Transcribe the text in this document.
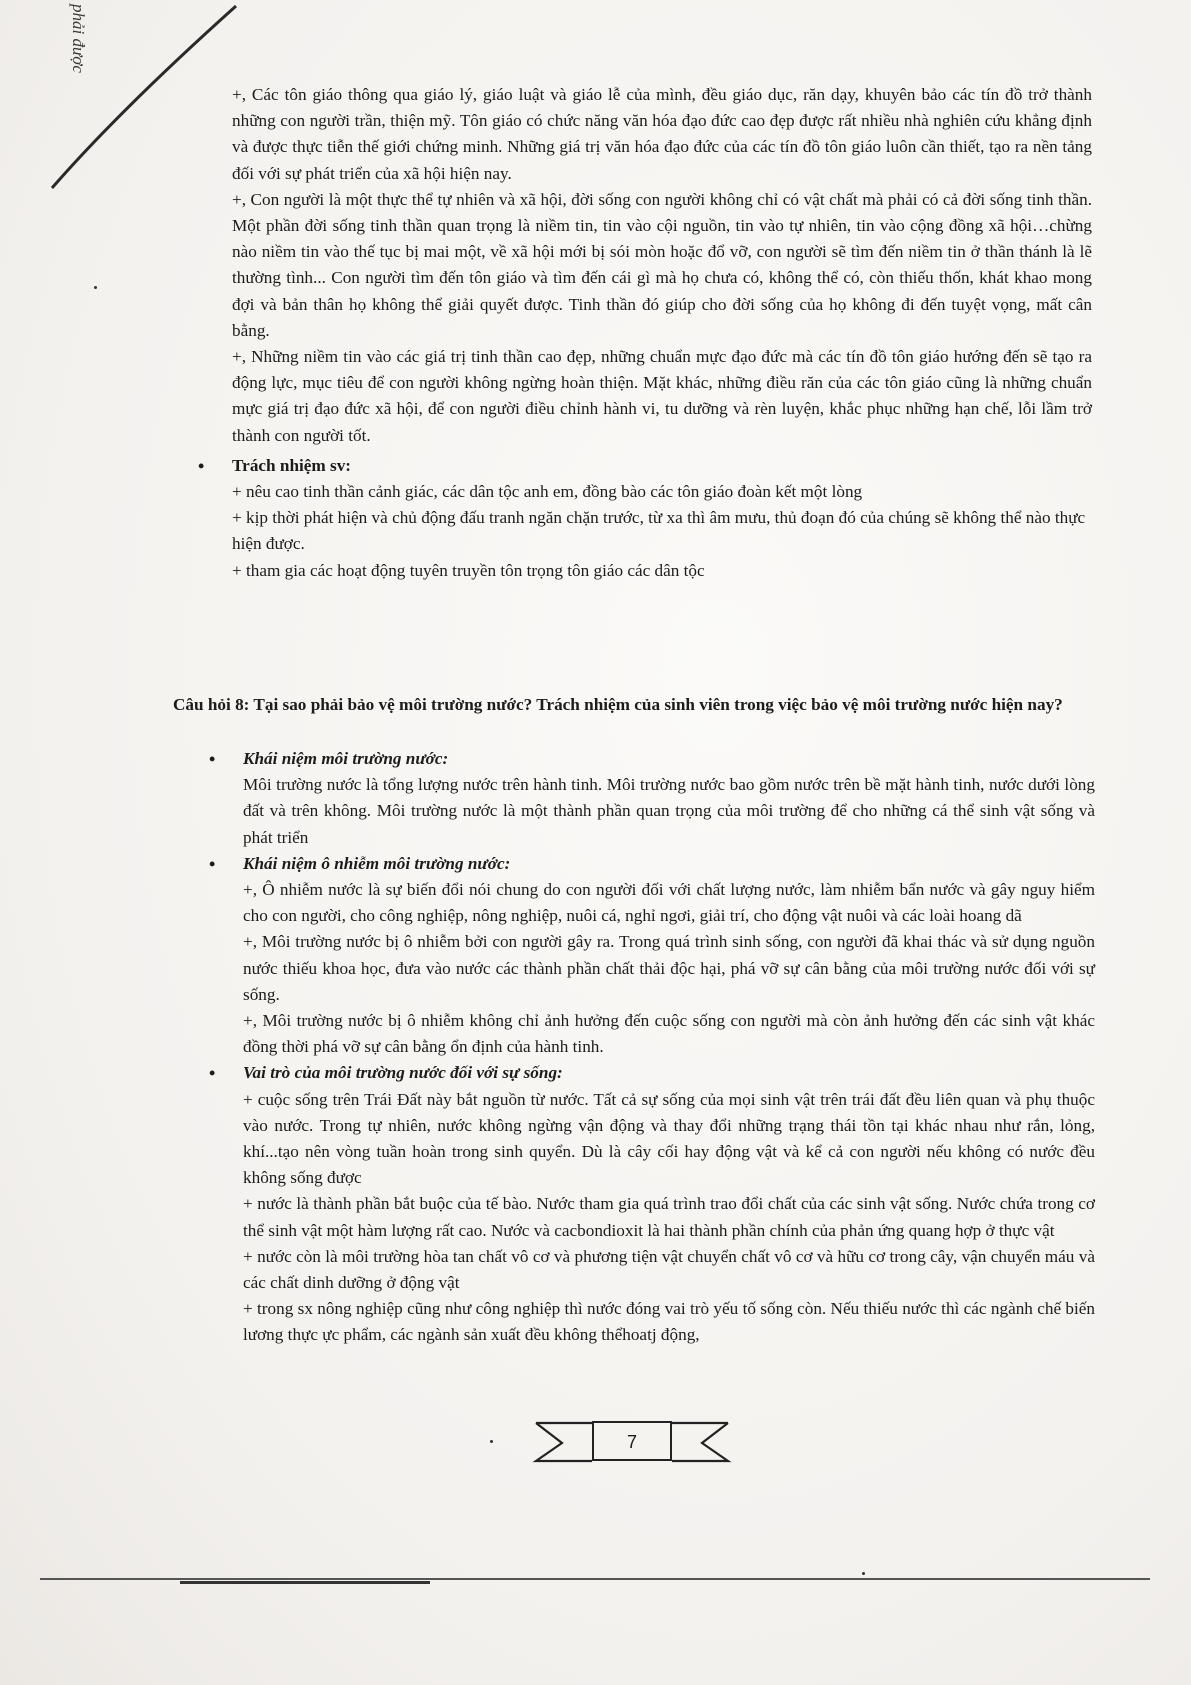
phải được

+, Các tôn giáo thông qua giáo lý, giáo luật và giáo lễ của mình, đều giáo dục, răn dạy, khuyên bảo các tín đồ trở thành những con người trần, thiện mỹ. Tôn giáo có chức năng văn hóa đạo đức cao đẹp được rất nhiều nhà nghiên cứu khẳng định và được thực tiễn thế giới chứng minh. Những giá trị văn hóa đạo đức của các tín đồ tôn giáo luôn cần thiết, tạo ra nền tảng đối với sự phát triển của xã hội hiện nay.

+, Con người là một thực thể tự nhiên và xã hội, đời sống con người không chỉ có vật chất mà phải có cả đời sống tinh thần. Một phần đời sống tinh thần quan trọng là niềm tin, tin vào cội nguồn, tin vào tự nhiên, tin vào cộng đồng xã hội…chừng nào niềm tin vào thế tục bị mai một, về xã hội mới bị sói mòn hoặc đổ vỡ, con người sẽ tìm đến niềm tin ở thần thánh là lẽ thường tình... Con người tìm đến tôn giáo và tìm đến cái gì mà họ chưa có, không thể có, còn thiếu thốn, khát khao mong đợi và bản thân họ không thể giải quyết được. Tinh thần đó giúp cho đời sống của họ không đi đến tuyệt vọng, mất cân bằng.

+, Những niềm tin vào các giá trị tinh thần cao đẹp, những chuẩn mực đạo đức mà các tín đồ tôn giáo hướng đến sẽ tạo ra động lực, mục tiêu để con người không ngừng hoàn thiện. Mặt khác, những điều răn của các tôn giáo cũng là những chuẩn mực giá trị đạo đức xã hội, để con người điều chỉnh hành vi, tu dưỡng và rèn luyện, khắc phục những hạn chế, lỗi lầm trở thành con người tốt.

• Trách nhiệm sv:

+ nêu cao tinh thần cảnh giác, các dân tộc anh em, đồng bào các tôn giáo đoàn kết một lòng

+ kịp thời phát hiện và chủ động đấu tranh ngăn chặn trước, từ xa thì âm mưu, thủ đoạn đó của chúng sẽ không thể nào thực hiện được.

+ tham gia các hoạt động tuyên truyền tôn trọng tôn giáo các dân tộc

Câu hỏi 8: Tại sao phải bảo vệ môi trường nước? Trách nhiệm của sinh viên trong việc bảo vệ môi trường nước hiện nay?

• Khái niệm môi trường nước:

Môi trường nước là tổng lượng nước trên hành tinh. Môi trường nước bao gồm nước trên bề mặt hành tinh, nước dưới lòng đất và trên không. Môi trường nước là một thành phần quan trọng của môi trường để cho những cá thể sinh vật sống và phát triển

• Khái niệm ô nhiễm môi trường nước:

+, Ô nhiễm nước là sự biến đổi nói chung do con người đối với chất lượng nước, làm nhiễm bẩn nước và gây nguy hiểm cho con người, cho công nghiệp, nông nghiệp, nuôi cá, nghỉ ngơi, giải trí, cho động vật nuôi và các loài hoang dã

+, Môi trường nước bị ô nhiễm bởi con người gây ra. Trong quá trình sinh sống, con người đã khai thác và sử dụng nguồn nước thiếu khoa học, đưa vào nước các thành phần chất thải độc hại, phá vỡ sự cân bằng của môi trường nước đối với sự sống.

+, Môi trường nước bị ô nhiễm không chỉ ảnh hưởng đến cuộc sống con người mà còn ảnh hưởng đến các sinh vật khác đồng thời phá vỡ sự cân bằng ổn định của hành tinh.

• Vai trò của môi trường nước đối với sự sống:

+ cuộc sống trên Trái Đất này bắt nguồn từ nước. Tất cả sự sống của mọi sinh vật trên trái đất đều liên quan và phụ thuộc vào nước. Trong tự nhiên, nước không ngừng vận động và thay đổi những trạng thái tồn tại khác nhau như rắn, lỏng, khí...tạo nên vòng tuần hoàn trong sinh quyển. Dù là cây cối hay động vật và kể cả con người nếu không có nước đều không sống được

+ nước là thành phần bắt buộc của tế bào. Nước tham gia quá trình trao đổi chất của các sinh vật sống. Nước chứa trong cơ thể sinh vật một hàm lượng rất cao. Nước và cacbondioxit là hai thành phần chính của phản ứng quang hợp ở thực vật

+ nước còn là môi trường hòa tan chất vô cơ và phương tiện vật chuyển chất vô cơ và hữu cơ trong cây, vận chuyển máu và các chất dinh dưỡng ở động vật

+ trong sx nông nghiệp cũng như công nghiệp thì nước đóng vai trò yếu tố sống còn. Nếu thiếu nước thì các ngành chế biến lương thực ực phẩm, các ngành sản xuất đều không thểhoatj động,

7
